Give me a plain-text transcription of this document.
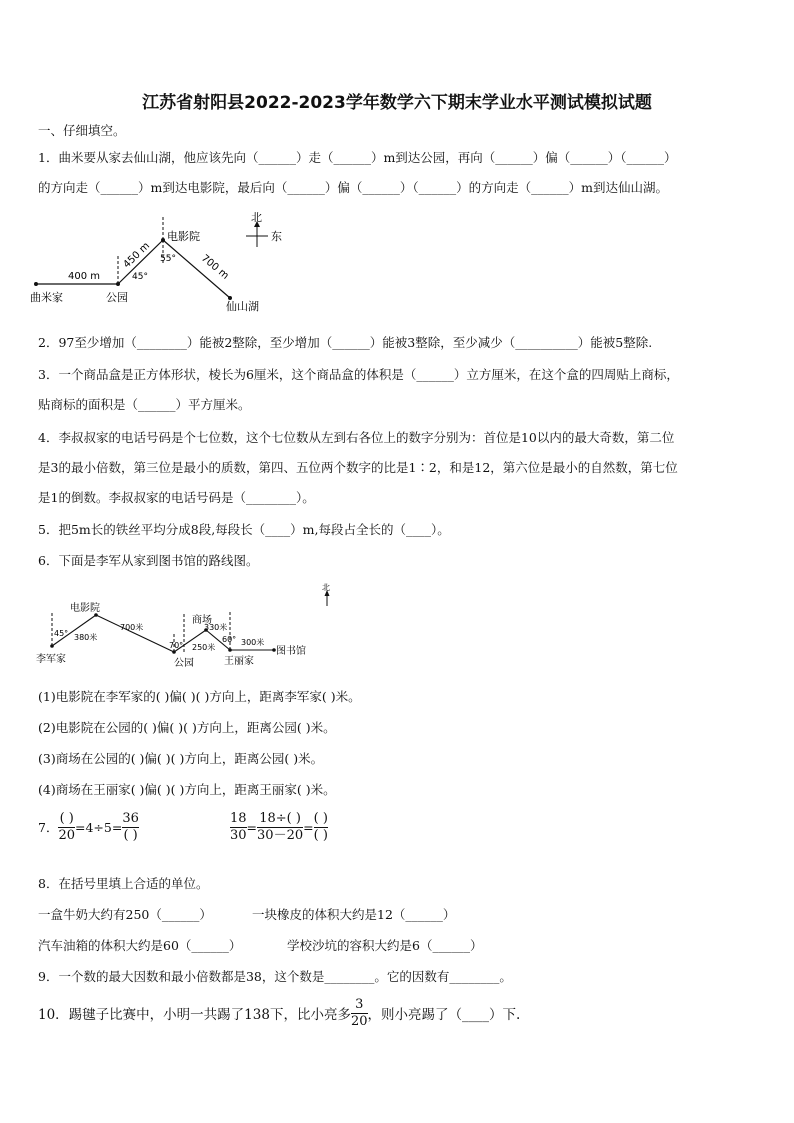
江苏省射阳县2022-2023学年数学六下期末学业水平测试模拟试题
一、仔细填空。
1．曲米要从家去仙山湖，他应该先向（______）走（______）m到达公园，再向（______）偏（______）（______）
的方向走（______）m到达电影院，最后向（______）偏（______）（______）的方向走（______）m到达仙山湖。
400 m
450 m	700 m
45°
55°
曲米家	公园
电影院
仙山湖
北
东
2．97至少增加（________）能被2整除，至少增加（______）能被3整除，至少减少（__________）能被5整除.
3．一个商品盒是正方体形状，棱长为6厘米，这个商品盒的体积是（______）立方厘米，在这个盒的四周贴上商标，
贴商标的面积是（______）平方厘米。
4．李叔叔家的电话号码是个七位数，这个七位数从左到右各位上的数字分别为：首位是10以内的最大奇数，第二位
是3的最小倍数，第三位是最小的质数，第四、五位两个数字的比是1∶2，和是12，第六位是最小的自然数，第七位
是1的倒数。李叔叔家的电话号码是（________）。
5．把5m长的铁丝平均分成8段,每段长（____）m,每段占全长的（____）。
6．下面是李军从家到图书馆的路线图。
45°
70°
60°
380米
700米
250米
330米
300米
李军家
电影院
公园
商场
王丽家
图书馆
北
(1)电影院在李军家的( )偏( )( )方向上，距离李军家( )米。
(2)电影院在公园的( )偏( )( )方向上，距离公园( )米。
(3)商场在公园的( )偏( )( )方向上，距离公园( )米。
(4)商场在王丽家( )偏( )( )方向上，距离王丽家( )米。
7． $\frac{( )}{20} =4\div 5= \frac{36}{( )}$	$\frac{18}{30} = \frac{18\div( )}{30-20} = \frac{( )}{( )}$
8．在括号里填上合适的单位。
一盒牛奶大约有250（______）	一块橡皮的体积大约是12（______）
汽车油箱的体积大约是60（______）	学校沙坑的容积大约是6（______）
9．一个数的最大因数和最小倍数都是38，这个数是________。它的因数有________。
10．踢毽子比赛中，小明一共踢了138下，比小亮多 $\frac{3}{20}$ ，则小亮踢了（____）下.
